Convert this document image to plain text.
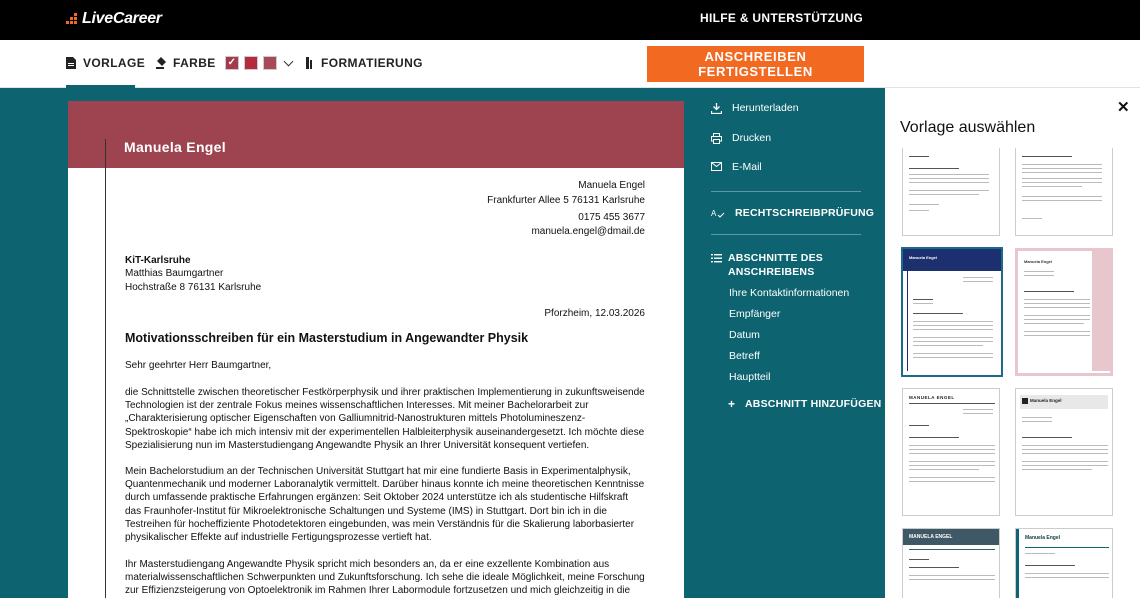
LiveCareer	HILFE & UNTERSTÜTZUNG
VORLAGE FARBE
✓	FORMATIERUNG	ANSCHREIBEN FERTIGSTELLEN
Manuela Engel
Manuela Engel
Frankfurter Allee 5 76131 Karlsruhe
0175 455 3677
manuela.engel@dmail.de
KiT-Karlsruhe
Matthias Baumgartner
Hochstraße 8 76131 Karlsruhe
Pforzheim, 12.03.2026
Motivationsschreiben für ein Masterstudium in Angewandter Physik
Sehr geehrter Herr Baumgartner,
die Schnittstelle zwischen theoretischer Festkörperphysik und ihrer praktischen Implementierung in zukunftsweisende Technologien ist der zentrale Fokus meines wissenschaftlichen Interesses. Mit meiner Bachelorarbeit zur „Charakterisierung optischer Eigenschaften von Galliumnitrid-Nanostrukturen mittels Photolumineszenz-Spektroskopie“ habe ich mich intensiv mit der experimentellen Halbleiterphysik auseinandergesetzt. Ich möchte diese Spezialisierung nun im Masterstudiengang Angewandte Physik an Ihrer Universität konsequent vertiefen.
Mein Bachelorstudium an der Technischen Universität Stuttgart hat mir eine fundierte Basis in Experimentalphysik, Quantenmechanik und moderner Laboranalytik vermittelt. Darüber hinaus konnte ich meine theoretischen Kenntnisse durch umfassende praktische Erfahrungen ergänzen: Seit Oktober 2024 unterstütze ich als studentische Hilfskraft das Fraunhofer-Institut für Mikroelektronische Schaltungen und Systeme (IMS) in Stuttgart. Dort bin ich in die Testreihen für hocheffiziente Photodetektoren eingebunden, was mein Verständnis für die Skalierung laborbasierter physikalischer Effekte auf industrielle Fertigungsprozesse vertieft hat.
Ihr Masterstudiengang Angewandte Physik spricht mich besonders an, da er eine exzellente Kombination aus materialwissenschaftlichen Schwerpunkten und Zukunftsforschung. Ich sehe die ideale Möglichkeit, meine Forschung zur Effizienzsteigerung von Optoelektronik im Rahmen Ihrer Labormodule fortzusetzen und mich gleichzeitig in die
Herunterladen
Drucken
E-Mail
A RECHTSCHREIBPRÜFUNG
ABSCHNITTE DES ANSCHREIBENS
Ihre Kontaktinformationen
Empfänger
Datum
Betreff
Hauptteil
+ ABSCHNITT HINZUFÜGEN
✕
Vorlage auswählen
Manuela Engel
Manuela Engel
MANUELA ENGEL
Manuela Engel
MANUELA ENGEL	Manuela Engel
